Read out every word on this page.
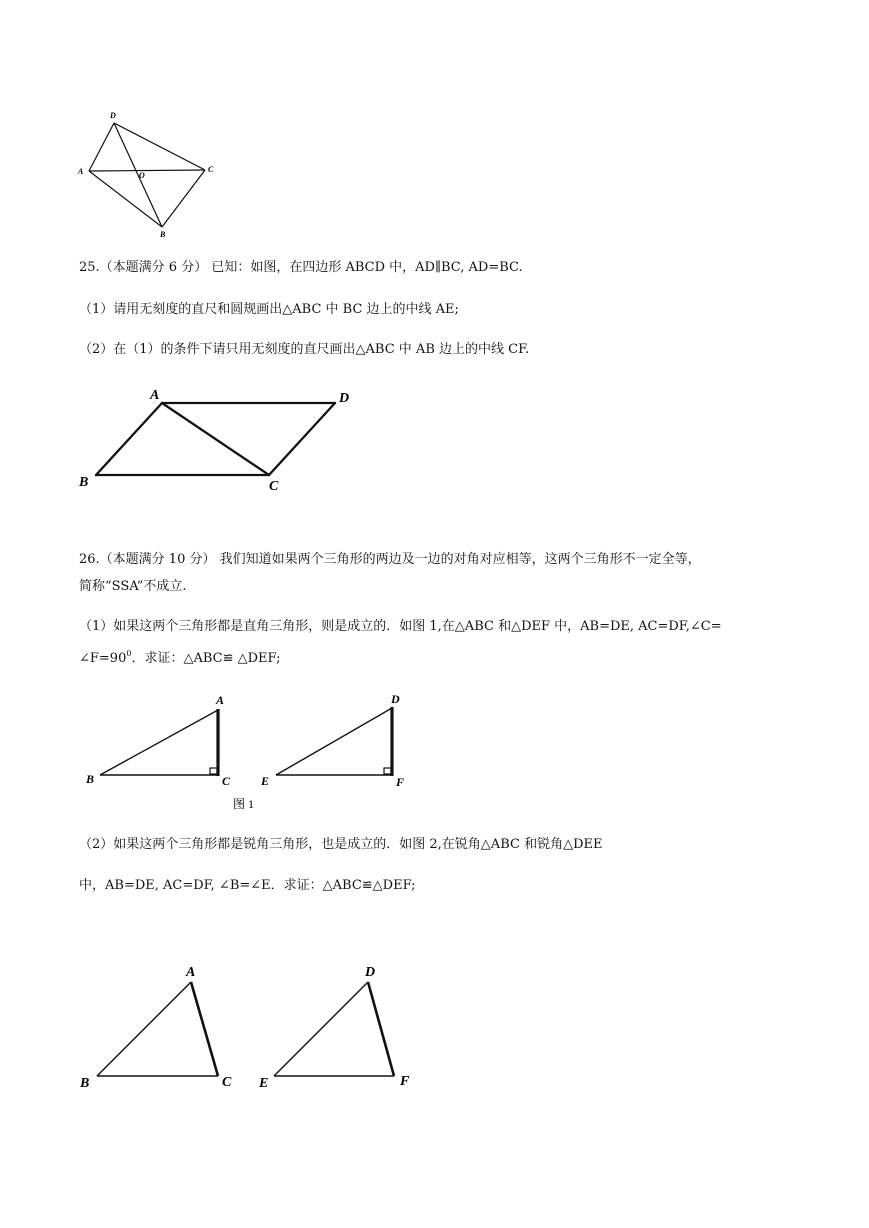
D
A	O
C
B
25.（本题满分 6 分） 已知：如图，在四边形 ABCD 中，AD∥BC, AD=BC.
（1）请用无刻度的直尺和圆规画出△ABC 中 BC 边上的中线 AE;
（2）在（1）的条件下请只用无刻度的直尺画出△ABC 中 AB 边上的中线 CF.
A	D
B	C
26.（本题满分 10 分） 我们知道如果两个三角形的两边及一边的对角对应相等，这两个三角形不一定全等，
简称“SSA”不成立.
（1）如果这两个三角形都是直角三角形，则是成立的．如图 1,在△ABC 和△DEF 中，AB=DE, AC=DF,∠C=
$\angle F=90^0$．求证：△ABC≌ △DEF;
A
B	C
D
E	F
图 1
（2）如果这两个三角形都是锐角三角形，也是成立的．如图 2,在锐角△ABC 和锐角△DEE
中，AB=DE, AC=DF, ∠B=∠E．求证：△ABC≌△DEF;
A
B	C
D
E	F
